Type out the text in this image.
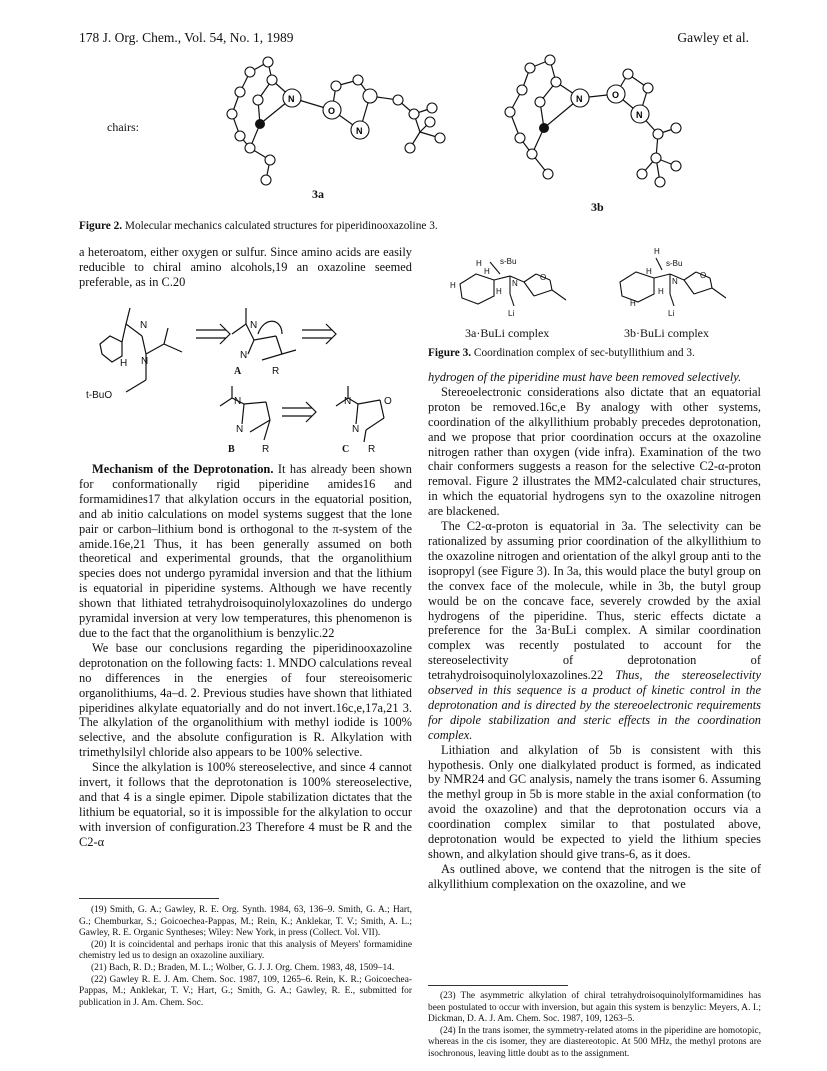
178 J. Org. Chem., Vol. 54, No. 1, 1989	Gawley et al.
chairs:
N
N
O
3a
N
N
O
3b
Figure 2. Molecular mechanics calculated structures for piperidinooxazoline 3.

a heteroatom, either oxygen or sulfur. Since amino acids are easily reducible to chiral amino alcohols,19 an oxazoline seemed preferable, as in C.20

H
N
N
t-BuO
N
N
A	R
N
N
B	R
N	O
N
C R

Mechanism of the Deprotonation. It has already been shown for conformationally rigid piperidine amides16 and formamidines17 that alkylation occurs in the equatorial position, and ab initio calculations on model systems suggest that the lone pair or carbon–lithium bond is orthogonal to the π-system of the amide.16e,21 Thus, it has been generally assumed on both theoretical and experimental grounds, that the organolithium species does not undergo pyramidal inversion and that the lithium is equatorial in piperidine systems. Although we have recently shown that lithiated tetrahydroisoquinolyloxazolines do undergo pyramidal inversion at very low temperatures, this phenomenon is due to the fact that the organolithium is benzylic.22

We base our conclusions regarding the piperidinooxazoline deprotonation on the following facts: 1. MNDO calculations reveal no differences in the energies of four stereoisomeric organolithiums, 4a–d. 2. Previous studies have shown that lithiated piperidines alkylate equatorially and do not invert.16c,e,17a,21 3. The alkylation of the organolithium with methyl iodide is 100% selective, and the absolute configuration is R. Alkylation with trimethylsilyl chloride also appears to be 100% selective.

Since the alkylation is 100% stereoselective, and since 4 cannot invert, it follows that the deprotonation is 100% stereoselective, and that 4 is a single epimer. Dipole stabilization dictates that the lithium be equatorial, so it is impossible for the alkylation to occur with inversion of configuration.23 Therefore 4 must be R and the C2-α

(19) Smith, G. A.; Gawley, R. E. Org. Synth. 1984, 63, 136–9. Smith, G. A.; Hart, G.; Chemburkar, S.; Goicoechea-Pappas, M.; Rein, K.; Anklekar, T. V.; Smith, A. L.; Gawley, R. E. Organic Syntheses; Wiley: New York, in press (Collect. Vol. VII).

(20) It is coincidental and perhaps ironic that this analysis of Meyers' formamidine chemistry led us to design an oxazoline auxiliary.

(21) Bach, R. D.; Braden, M. L.; Wolber, G. J. J. Org. Chem. 1983, 48, 1509–14.

(22) Gawley R. E. J. Am. Chem. Soc. 1987, 109, 1265–6. Rein, K. R.; Goicoechea-Pappas, M.; Anklekar, T. V.; Hart, G.; Smith, G. A.; Gawley, R. E., submitted for publication in J. Am. Chem. Soc.

H
H
H
s-Bu
N
O
H
Li
H
H
s-Bu
N
O
H
H
Li
3a·BuLi complex	3b·BuLi complex
Figure 3. Coordination complex of sec-butyllithium and 3.

hydrogen of the piperidine must have been removed selectively.

Stereoelectronic considerations also dictate that an equatorial proton be removed.16c,e By analogy with other systems, coordination of the alkyllithium probably precedes deprotonation, and we propose that prior coordination occurs at the oxazoline nitrogen rather than oxygen (vide infra). Examination of the two chair conformers suggests a reason for the selective C2-α-proton removal. Figure 2 illustrates the MM2-calculated chair structures, in which the equatorial hydrogens syn to the oxazoline nitrogen are blackened.

The C2-α-proton is equatorial in 3a. The selectivity can be rationalized by assuming prior coordination of the alkyllithium to the oxazoline nitrogen and orientation of the alkyl group anti to the isopropyl (see Figure 3). In 3a, this would place the butyl group on the convex face of the molecule, while in 3b, the butyl group would be on the concave face, severely crowded by the axial hydrogens of the piperidine. Thus, steric effects dictate a preference for the 3a·BuLi complex. A similar coordination complex was recently postulated to account for the stereoselectivity of deprotonation of tetrahydroisoquinolyloxazolines.22 Thus, the stereoselectivity observed in this sequence is a product of kinetic control in the deprotonation and is directed by the stereoelectronic requirements for dipole stabilization and steric effects in the coordination complex.

Lithiation and alkylation of 5b is consistent with this hypothesis. Only one dialkylated product is formed, as indicated by NMR24 and GC analysis, namely the trans isomer 6. Assuming the methyl group in 5b is more stable in the axial conformation (to avoid the oxazoline) and that the deprotonation occurs via a coordination complex similar to that postulated above, deprotonation would be expected to yield the lithium species shown, and alkylation should give trans-6, as it does.

As outlined above, we contend that the nitrogen is the site of alkyllithium complexation on the oxazoline, and we

(23) The asymmetric alkylation of chiral tetrahydroisoquinolylformamidines has been postulated to occur with inversion, but again this system is benzylic: Meyers, A. I.; Dickman, D. A. J. Am. Chem. Soc. 1987, 109, 1263–5.

(24) In the trans isomer, the symmetry-related atoms in the piperidine are homotopic, whereas in the cis isomer, they are diastereotopic. At 500 MHz, the methyl protons are isochronous, leaving little doubt as to the assignment.
